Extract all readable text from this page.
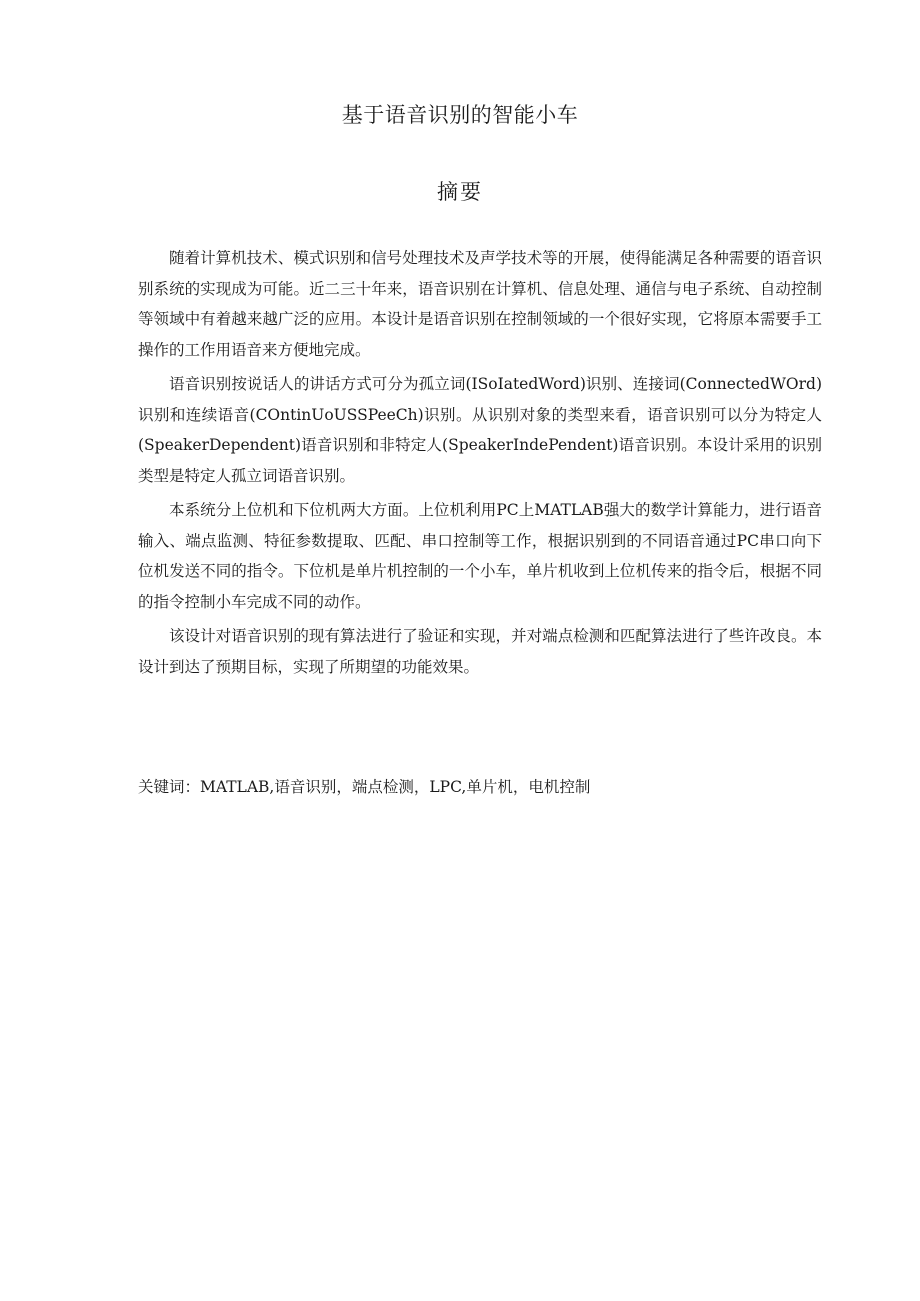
基于语音识别的智能小车
摘要

随着计算机技术、模式识别和信号处理技术及声学技术等的开展，使得能满足各种需要的语音识别系统的实现成为可能。近二三十年来，语音识别在计算机、信息处理、通信与电子系统、自动控制等领域中有着越来越广泛的应用。本设计是语音识别在控制领域的一个很好实现，它将原本需要手工操作的工作用语音来方便地完成。

语音识别按说话人的讲话方式可分为孤立词(ISoIatedWord)识别、连接词(ConnectedWOrd)识别和连续语音(COntinUoUSSPeeCh)识别。从识别对象的类型来看，语音识别可以分为特定人(SpeakerDependent)语音识别和非特定人(SpeakerIndePendent)语音识别。本设计采用的识别类型是特定人孤立词语音识别。

本系统分上位机和下位机两大方面。上位机利用PC上MATLAB强大的数学计算能力，进行语音输入、端点监测、特征参数提取、匹配、串口控制等工作，根据识别到的不同语音通过PC串口向下位机发送不同的指令。下位机是单片机控制的一个小车，单片机收到上位机传来的指令后，根据不同的指令控制小车完成不同的动作。

该设计对语音识别的现有算法进行了验证和实现，并对端点检测和匹配算法进行了些许改良。本设计到达了预期目标，实现了所期望的功能效果。

关键词：MATLAB,语音识别，端点检测，LPC,单片机，电机控制
